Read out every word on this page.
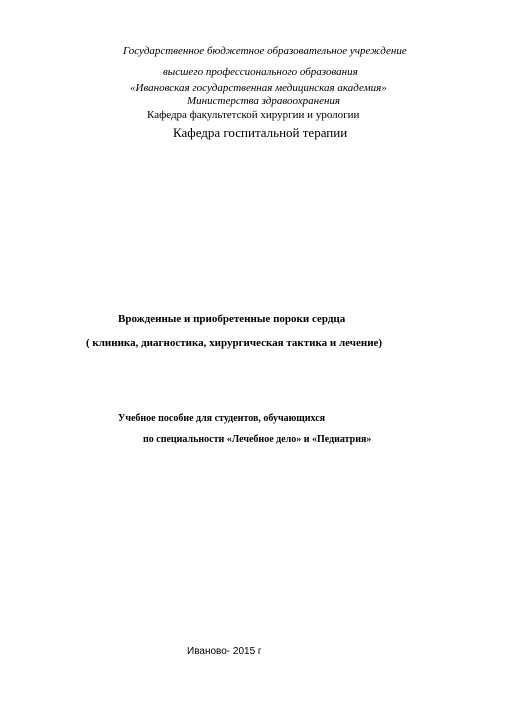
Государственное бюджетное образовательное учреждение
высшего профессионального образования
«Ивановская государственная медицинская академия»
Министерства здравоохранения
Кафедра факультетской хирургии и урологии
Кафедра госпитальной терапии
Врожденные и приобретенные пороки сердца
( клиника, диагностика, хирургическая тактика и лечение)
Учебное пособие для студентов, обучающихся
по специальности «Лечебное дело» и «Педиатрия»
Иваново- 2015 г
